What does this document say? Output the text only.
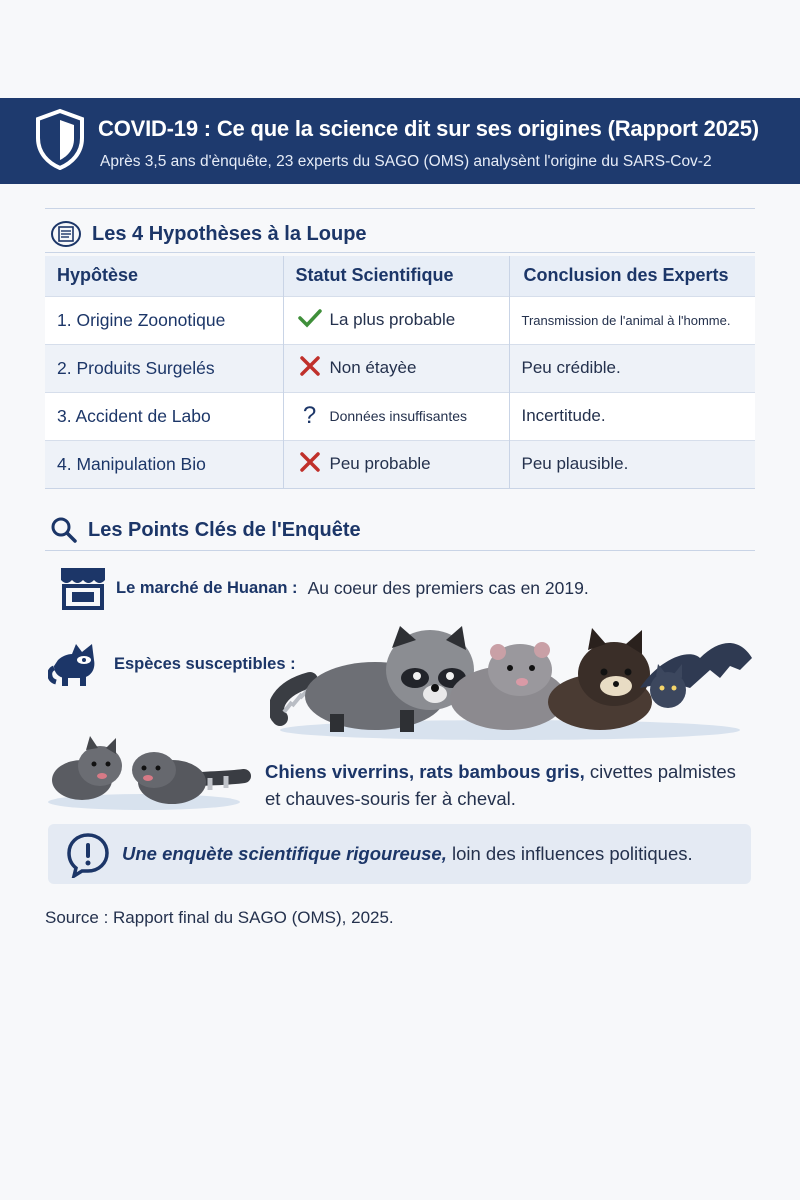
COVID-19 : Ce que la science dit sur ses origines (Rapport 2025)
Après 3,5 ans d'ènquête, 23 experts du SAGO (OMS) analysènt l'origine du SARS-Cov-2
Les 4 Hypothèses à la Loupe
Hypôtèse	Statut Scientifique	Conclusion des Experts
1. Origine Zoonotique	La plus probable	Transmission de l'animal à l'homme.
2. Produits Surgelés	Non étayèe	Peu crédible.
3. Accident de Labo	? Données insuffisantes	Incertitude.
4. Manipulation Bio	Peu probable	Peu plausible.
Les Points Clés de l'Enquête
Le marché de Huanan : Au coeur des premiers cas en 2019.
Espèces susceptibles :
Chiens viverrins, rats bambous gris, civettes palmistes
et chauves-souris fer à cheval.
Une enquète scientifique rigoureuse, loin des influences politiques.
Source : Rapport final du SAGO (OMS), 2025.
